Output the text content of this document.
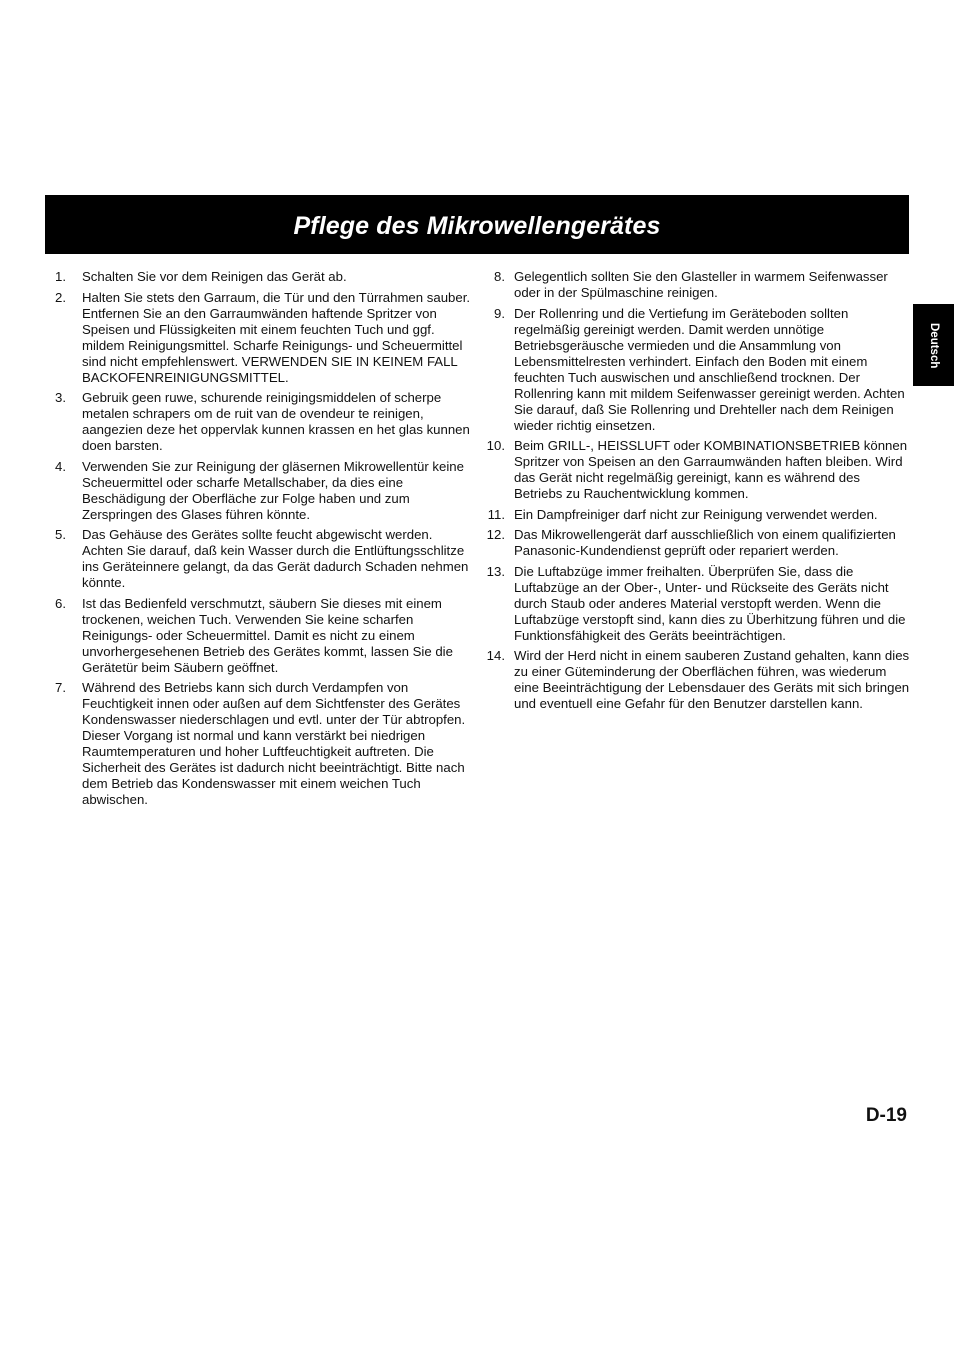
Pflege des Mikrowellengerätes
Deutsch
1. Schalten Sie vor dem Reinigen das Gerät ab.
2. Halten Sie stets den Garraum, die Tür und den Türrahmen sauber. Entfernen Sie an den Garraumwänden haftende Spritzer von Speisen und Flüssigkeiten mit einem feuchten Tuch und ggf. mildem Reinigungsmittel. Scharfe Reinigungs- und Scheuermittel sind nicht empfehlenswert. VERWENDEN SIE IN KEINEM FALL BACKOFENREINIGUNGSMITTEL.
3. Gebruik geen ruwe, schurende reinigingsmiddelen of scherpe metalen schrapers om de ruit van de ovendeur te reinigen, aangezien deze het oppervlak kunnen krassen en het glas kunnen doen barsten.
4. Verwenden Sie zur Reinigung der gläsernen Mikrowellentür keine Scheuermittel oder scharfe Metallschaber, da dies eine Beschädigung der Oberfläche zur Folge haben und zum Zerspringen des Glases führen könnte.
5. Das Gehäuse des Gerätes sollte feucht abgewischt werden. Achten Sie darauf, daß kein Wasser durch die Entlüftungsschlitze ins Geräteinnere gelangt, da das Gerät dadurch Schaden nehmen könnte.
6. Ist das Bedienfeld verschmutzt, säubern Sie dieses mit einem trockenen, weichen Tuch. Verwenden Sie keine scharfen Reinigungs- oder Scheuermittel. Damit es nicht zu einem unvorhergesehenen Betrieb des Gerätes kommt, lassen Sie die Gerätetür beim Säubern geöffnet.
7. Während des Betriebs kann sich durch Verdampfen von Feuchtigkeit innen oder außen auf dem Sichtfenster des Gerätes Kondenswasser niederschlagen und evtl. unter der Tür abtropfen. Dieser Vorgang ist normal und kann verstärkt bei niedrigen Raumtemperaturen und hoher Luftfeuchtigkeit auftreten. Die Sicherheit des Gerätes ist dadurch nicht beeinträchtigt. Bitte nach dem Betrieb das Kondenswasser mit einem weichen Tuch abwischen.
8. Gelegentlich sollten Sie den Glasteller in warmem Seifenwasser oder in der Spülmaschine reinigen.
9. Der Rollenring und die Vertiefung im Geräteboden sollten regelmäßig gereinigt werden. Damit werden unnötige Betriebsgeräusche vermieden und die Ansammlung von Lebensmittelresten verhindert. Einfach den Boden mit einem feuchten Tuch auswischen und anschließend trocknen. Der Rollenring kann mit mildem Seifenwasser gereinigt werden. Achten Sie darauf, daß Sie Rollenring und Drehteller nach dem Reinigen wieder richtig einsetzen.
10. Beim GRILL-, HEISSLUFT oder KOMBINATIONSBETRIEB können Spritzer von Speisen an den Garraumwänden haften bleiben. Wird das Gerät nicht regelmäßig gereinigt, kann es während des Betriebs zu Rauchentwicklung kommen.
11. Ein Dampfreiniger darf nicht zur Reinigung verwendet werden.
12. Das Mikrowellengerät darf ausschließlich von einem qualifizierten Panasonic-Kundendienst geprüft oder repariert werden.
13. Die Luftabzüge immer freihalten. Überprüfen Sie, dass die Luftabzüge an der Ober-, Unter- und Rückseite des Geräts nicht durch Staub oder anderes Material verstopft werden. Wenn die Luftabzüge verstopft sind, kann dies zu Überhitzung führen und die Funktionsfähigkeit des Geräts beeinträchtigen.
14. Wird der Herd nicht in einem sauberen Zustand gehalten, kann dies zu einer Güteminderung der Oberflächen führen, was wiederum eine Beeinträchtigung der Lebensdauer des Geräts mit sich bringen und eventuell eine Gefahr für den Benutzer darstellen kann.
D-19
